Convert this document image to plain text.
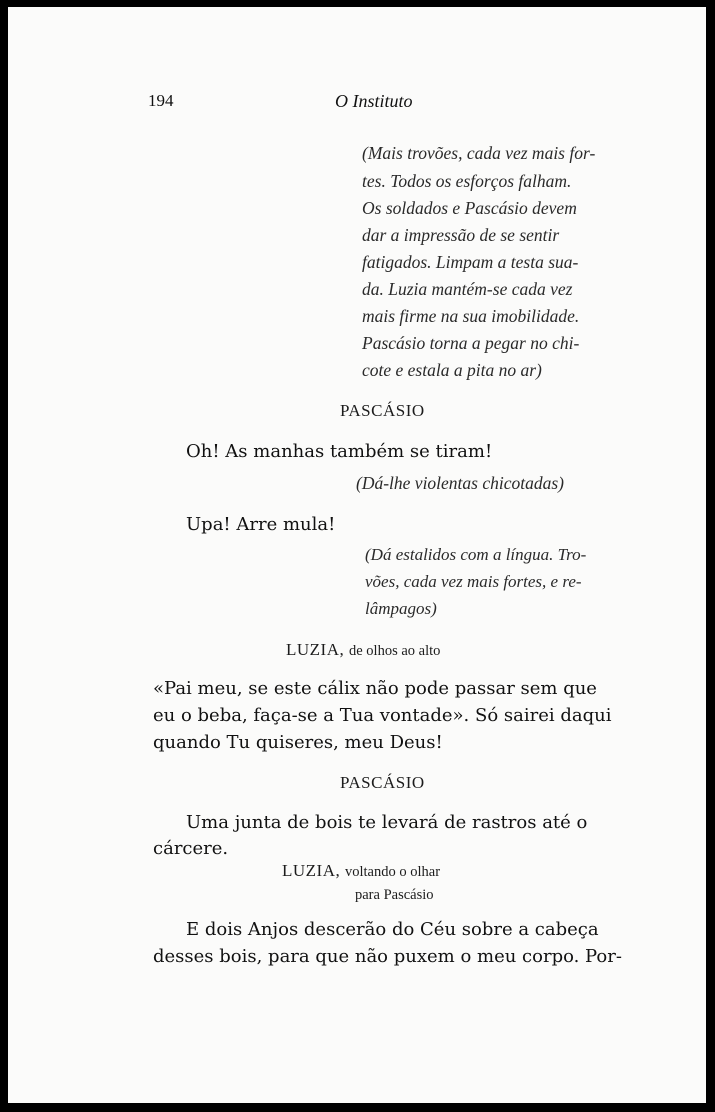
194	O Instituto
(Mais trovões, cada vez mais for-
tes. Todos os esforços falham.
Os soldados e Pascásio devem
dar a impressão de se sentir
fatigados. Limpam a testa sua-
da. Luzia mantém-se cada vez
mais firme na sua imobilidade.
Pascásio torna a pegar no chi-
cote e estala a pita no ar)
PASCÁSIO
Oh! As manhas também se tiram!
(Dá-lhe violentas chicotadas)
Upa! Arre mula!
(Dá estalidos com a língua. Tro-
vões, cada vez mais fortes, e re-
lâmpagos)
LUZIA, de olhos ao alto
«Pai meu, se este cálix não pode passar sem que
eu o beba, faça-se a Tua vontade». Só sairei daqui
quando Tu quiseres, meu Deus!
PASCÁSIO
Uma junta de bois te levará de rastros até o
cárcere.
LUZIA, voltando o olhar
para Pascásio
E dois Anjos descerão do Céu sobre a cabeça
desses bois, para que não puxem o meu corpo. Por-
